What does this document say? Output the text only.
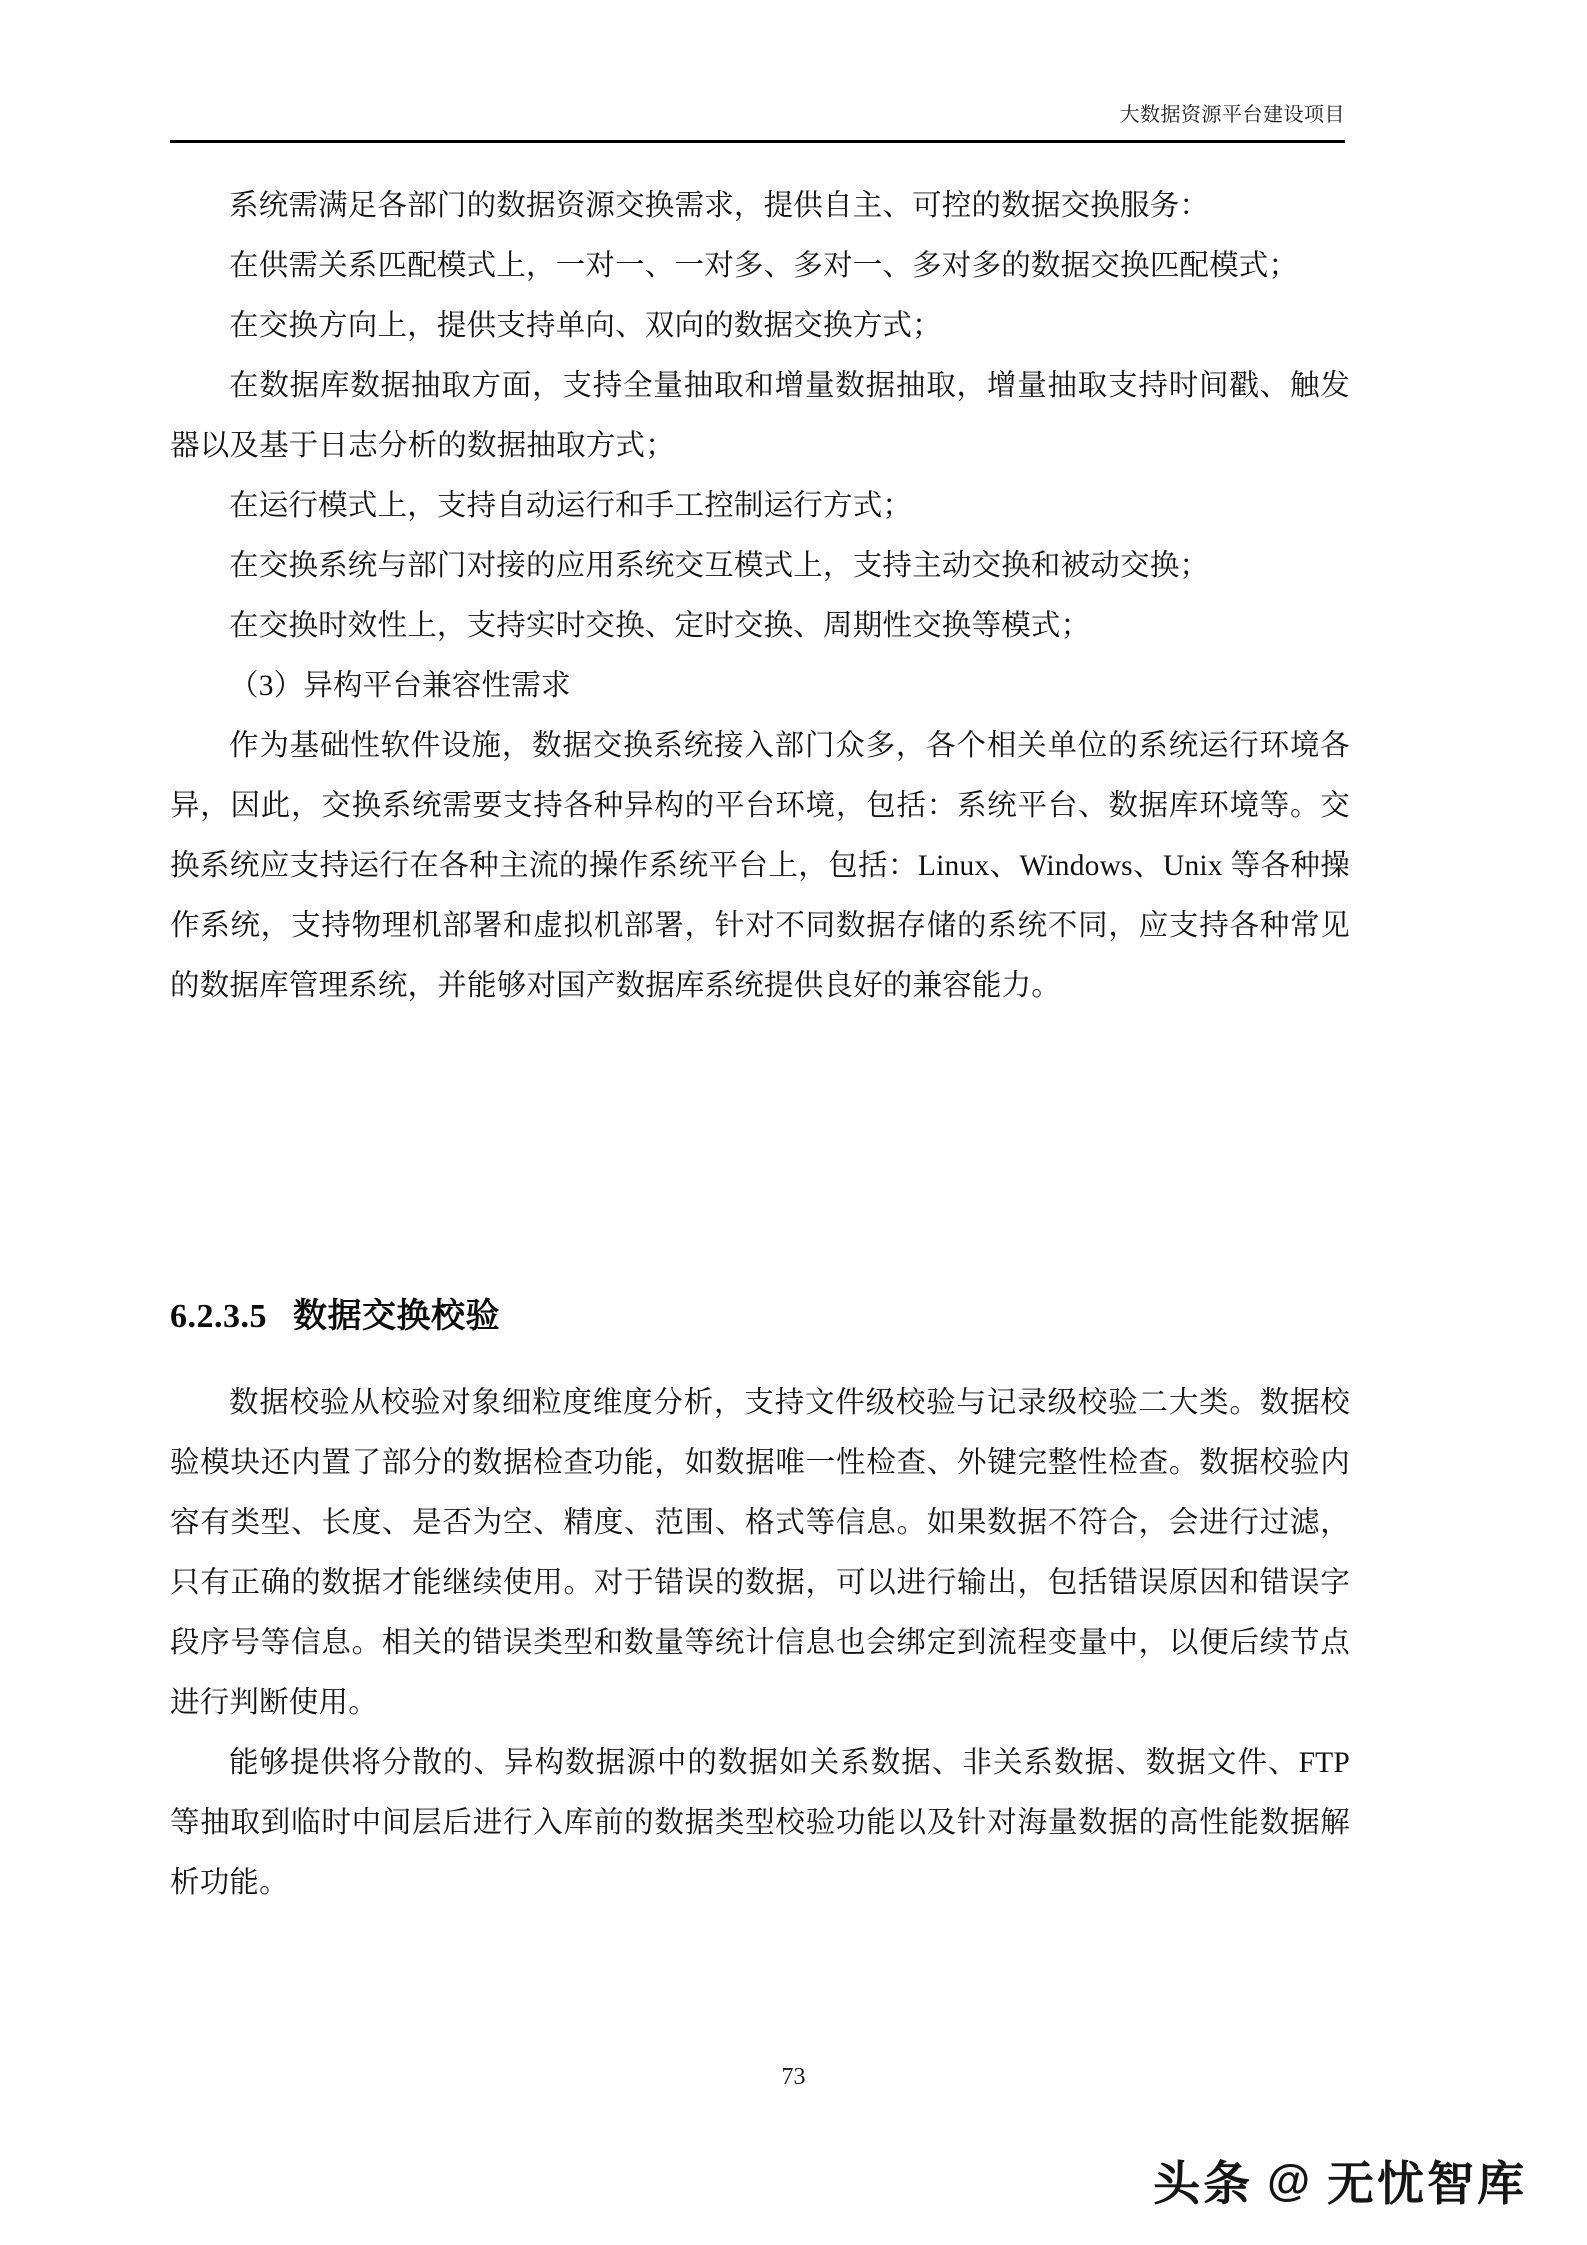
大数据资源平台建设项目

系统需满足各部门的数据资源交换需求，提供自主、可控的数据交换服务：

在供需关系匹配模式上，一对一、一对多、多对一、多对多的数据交换匹配模式；

在交换方向上，提供支持单向、双向的数据交换方式；

在数据库数据抽取方面，支持全量抽取和增量数据抽取，增量抽取支持时间戳、触发器以及基于日志分析的数据抽取方式；

在运行模式上，支持自动运行和手工控制运行方式；

在交换系统与部门对接的应用系统交互模式上，支持主动交换和被动交换；

在交换时效性上，支持实时交换、定时交换、周期性交换等模式；

（3）异构平台兼容性需求

作为基础性软件设施，数据交换系统接入部门众多，各个相关单位的系统运行环境各异，因此，交换系统需要支持各种异构的平台环境，包括：系统平台、数据库环境等。交换系统应支持运行在各种主流的操作系统平台上，包括：Linux、Windows、Unix 等各种操作系统，支持物理机部署和虚拟机部署，针对不同数据存储的系统不同，应支持各种常见的数据库管理系统，并能够对国产数据库系统提供良好的兼容能力。

6.2.3.5 数据交换校验

数据校验从校验对象细粒度维度分析，支持文件级校验与记录级校验二大类。数据校验模块还内置了部分的数据检查功能，如数据唯一性检查、外键完整性检查。数据校验内容有类型、长度、是否为空、精度、范围、格式等信息。如果数据不符合，会进行过滤，只有正确的数据才能继续使用。对于错误的数据，可以进行输出，包括错误原因和错误字段序号等信息。相关的错误类型和数量等统计信息也会绑定到流程变量中，以便后续节点进行判断使用。

能够提供将分散的、异构数据源中的数据如关系数据、非关系数据、数据文件、FTP 等抽取到临时中间层后进行入库前的数据类型校验功能以及针对海量数据的高性能数据解析功能。

73
头条 @ 无忧智库
